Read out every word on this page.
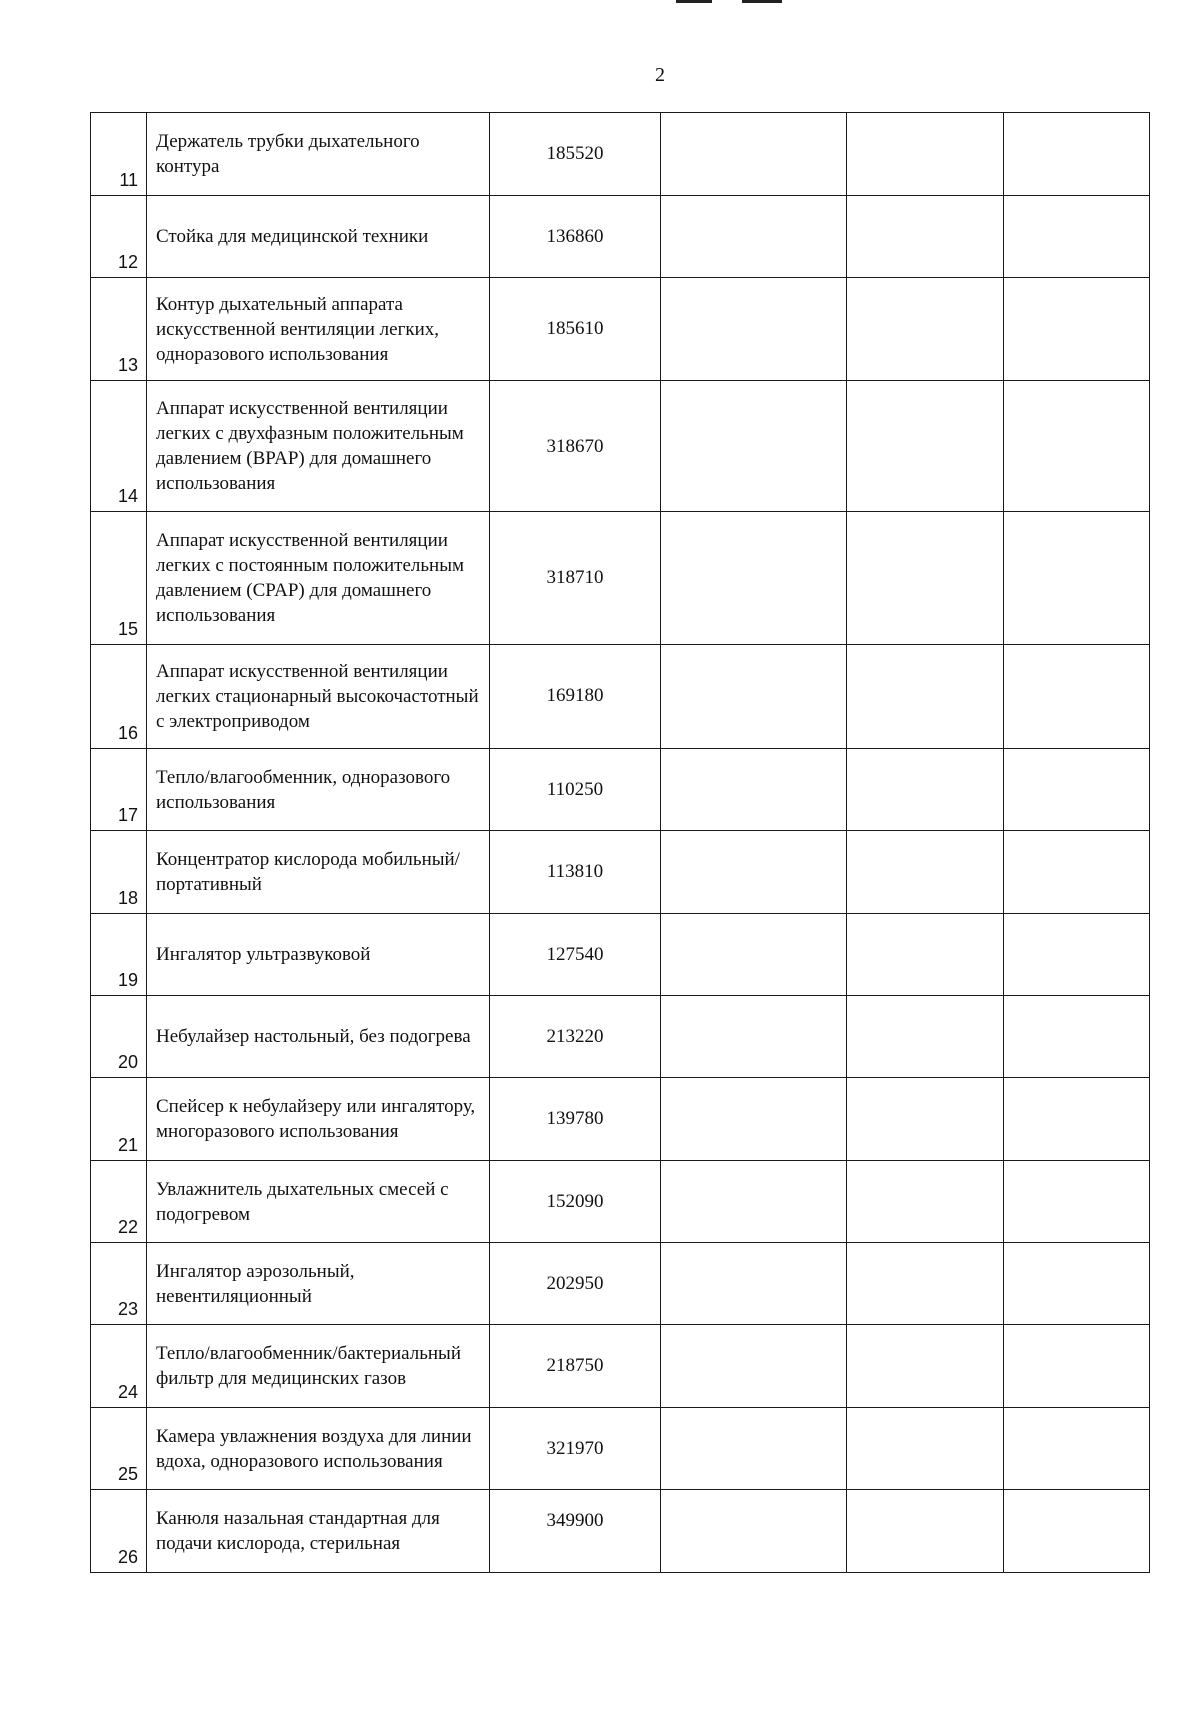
2
11	Держатель трубки дыхательного контура	185520			

12	Стойка для медицинской техники	136860			

13	Контур дыхательный аппарата искусственной вентиляции легких, одноразового использования	185610			

14	Аппарат искусственной вентиляции легких с двухфазным положительным давлением (BPAP) для домашнего использования	318670			

15	Аппарат искусственной вентиляции легких с постоянным положительным давлением (CPAP) для домашнего использования	318710			

16	Аппарат искусственной вентиляции легких стационарный высокочастотный с электроприводом	169180			

17	Тепло/влагообменник, одноразового использования	110250			

18	Концентратор кислорода мобильный/портативный	113810			

19	Ингалятор ультразвуковой	127540			

20	Небулайзер настольный, без подогрева	213220			

21	Спейсер к небулайзеру или ингалятору, многоразового использования	139780			

22	Увлажнитель дыхательных смесей с подогревом	152090			

23	Ингалятор аэрозольный, невентиляционный	202950			

24	Тепло/влагообменник/бактериальный фильтр для медицинских газов	218750			

25	Камера увлажнения воздуха для линии вдоха, одноразового использования	321970			

26	Канюля назальная стандартная для подачи кислорода, стерильная	349900			
